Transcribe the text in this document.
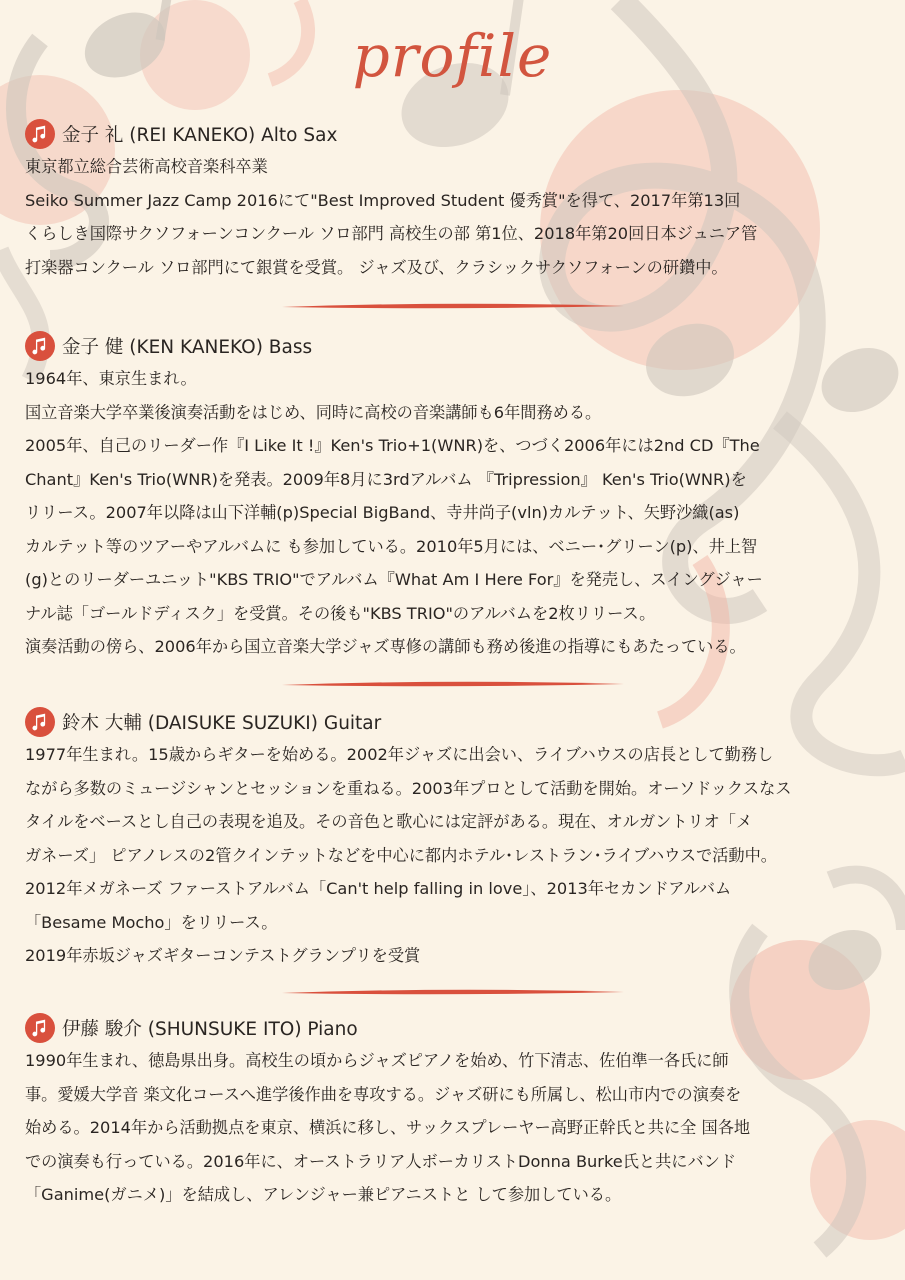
profile
金子 礼 (REI KANEKO) Alto Sax

東京都立総合芸術高校音楽科卒業
Seiko Summer Jazz Camp 2016にて"Best Improved Student 優秀賞"を得て、2017年第13回
くらしき国際サクソフォーンコンクール ソロ部門 高校生の部 第1位、2018年第20回日本ジュニア管
打楽器コンクール ソロ部門にて銀賞を受賞。 ジャズ及び、クラシックサクソフォーンの研鑽中。

金子 健 (KEN KANEKO) Bass

1964年、東京生まれ。
国立音楽大学卒業後演奏活動をはじめ、同時に高校の音楽講師も6年間務める。
2005年、自己のリーダー作『I Like It !』Ken's Trio+1(WNR)を、つづく2006年には2nd CD『The
Chant』Ken's Trio(WNR)を発表。2009年8月に3rdアルバム 『Tripression』 Ken's Trio(WNR)を
リリース。2007年以降は山下洋輔(p)Special BigBand、寺井尚子(vln)カルテット、矢野沙織(as)
カルテット等のツアーやアルバムに も参加している。2010年5月には、ベニー･グリーン(p)、井上智
(g)とのリーダーユニット"KBS TRIO"でアルバム『What Am I Here For』を発売し、スイングジャー
ナル誌「ゴールドディスク」を受賞。その後も"KBS TRIO"のアルバムを2枚リリース。
演奏活動の傍ら、2006年から国立音楽大学ジャズ専修の講師も務め後進の指導にもあたっている。

鈴木 大輔 (DAISUKE SUZUKI) Guitar

1977年生まれ。15歳からギターを始める。2002年ジャズに出会い、ライブハウスの店長として勤務し
ながら多数のミュージシャンとセッションを重ねる。2003年プロとして活動を開始。オーソドックスなス
タイルをベースとし自己の表現を追及。その音色と歌心には定評がある。現在、オルガントリオ「メ
ガネーズ」 ピアノレスの2管クインテットなどを中心に都内ホテル･レストラン･ライブハウスで活動中。
2012年メガネーズ ファーストアルバム「Can't help falling in love」、2013年セカンドアルバム
「Besame Mocho」をリリース。
2019年赤坂ジャズギターコンテストグランプリを受賞

伊藤 駿介 (SHUNSUKE ITO) Piano

1990年生まれ、徳島県出身。高校生の頃からジャズピアノを始め、竹下清志、佐伯準一各氏に師
事。愛媛大学音 楽文化コースへ進学後作曲を専攻する。ジャズ研にも所属し、松山市内での演奏を
始める。2014年から活動拠点を東京、横浜に移し、サックスプレーヤー高野正幹氏と共に全 国各地
での演奏も行っている。2016年に、オーストラリア人ボーカリストDonna Burke氏と共にバンド
「Ganime(ガニメ)」を結成し、アレンジャー兼ピアニストと して参加している。
